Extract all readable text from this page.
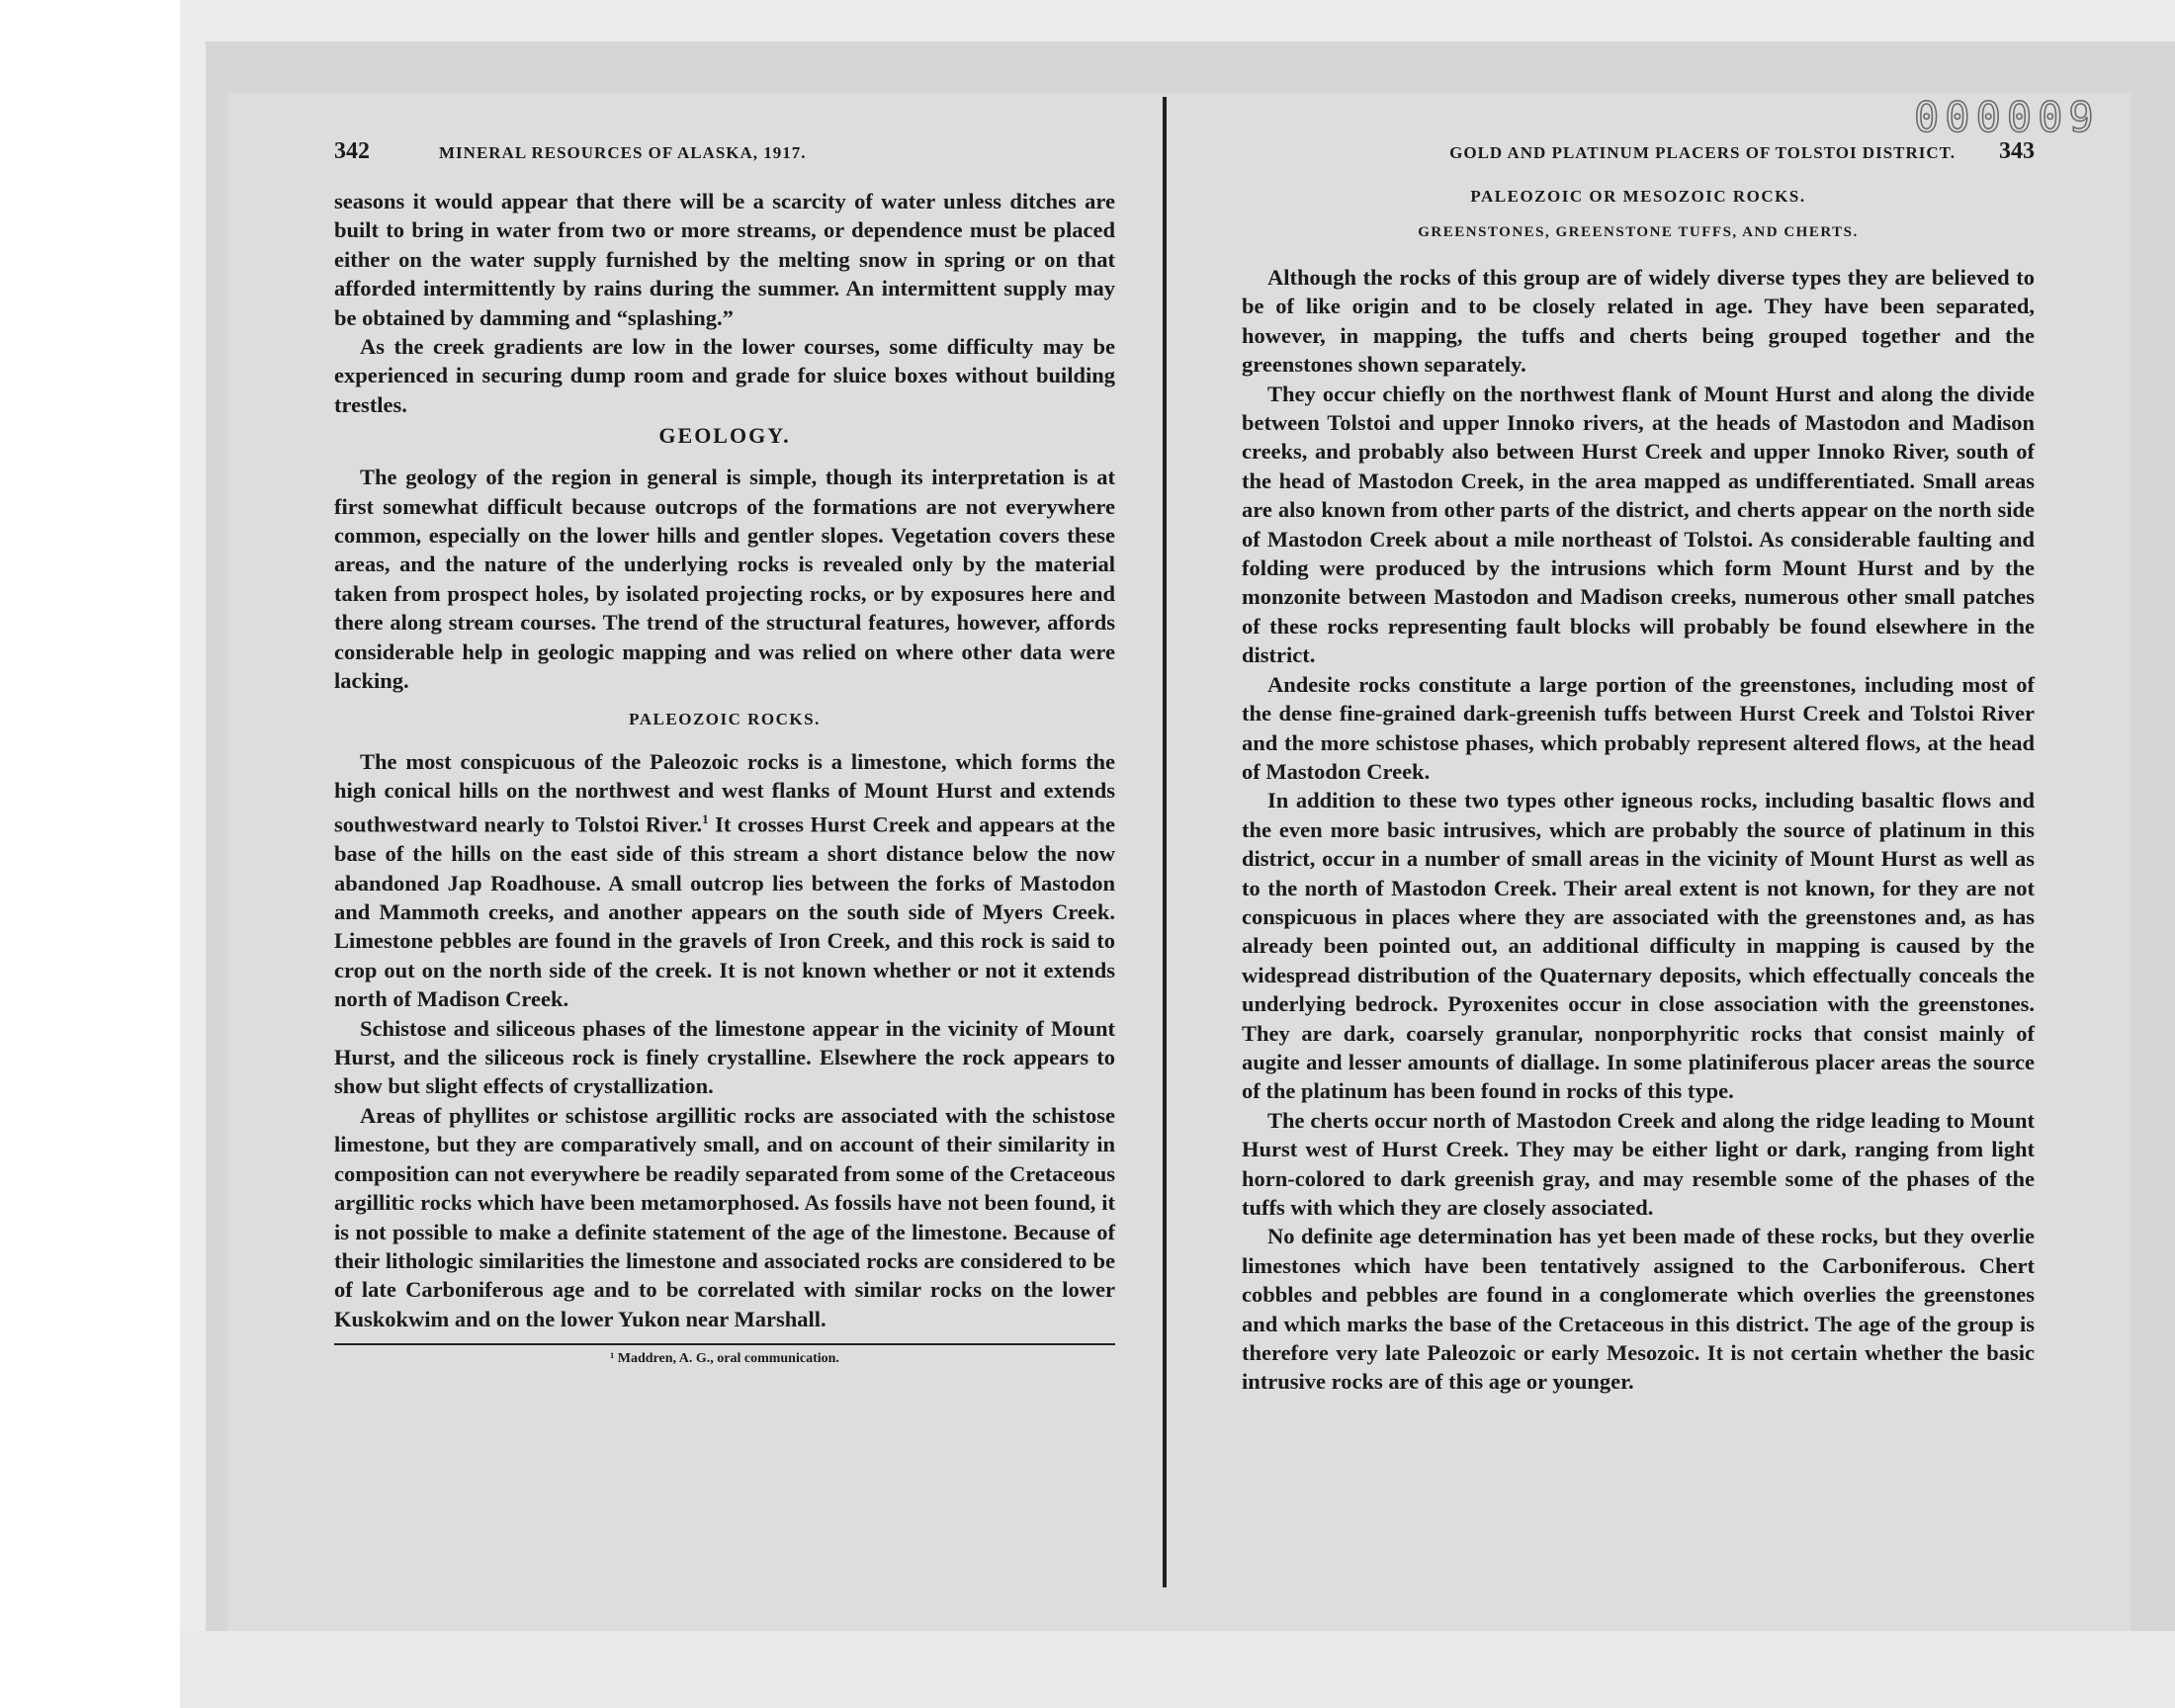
000009
342	MINERAL RESOURCES OF ALASKA, 1917.

seasons it would appear that there will be a scarcity of water unless ditches are built to bring in water from two or more streams, or dependence must be placed either on the water supply furnished by the melting snow in spring or on that afforded intermittently by rains during the summer. An intermittent supply may be obtained by damming and “splashing.”

As the creek gradients are low in the lower courses, some difficulty may be experienced in securing dump room and grade for sluice boxes without building trestles.

GEOLOGY.

The geology of the region in general is simple, though its interpretation is at first somewhat difficult because outcrops of the formations are not everywhere common, especially on the lower hills and gentler slopes. Vegetation covers these areas, and the nature of the underlying rocks is revealed only by the material taken from prospect holes, by isolated projecting rocks, or by exposures here and there along stream courses. The trend of the structural features, however, affords considerable help in geologic mapping and was relied on where other data were lacking.

PALEOZOIC ROCKS.

The most conspicuous of the Paleozoic rocks is a limestone, which forms the high conical hills on the northwest and west flanks of Mount Hurst and extends southwestward nearly to Tolstoi River.$^1$ It crosses Hurst Creek and appears at the base of the hills on the east side of this stream a short distance below the now abandoned Jap Roadhouse. A small outcrop lies between the forks of Mastodon and Mammoth creeks, and another appears on the south side of Myers Creek. Limestone pebbles are found in the gravels of Iron Creek, and this rock is said to crop out on the north side of the creek. It is not known whether or not it extends north of Madison Creek.

Schistose and siliceous phases of the limestone appear in the vicinity of Mount Hurst, and the siliceous rock is finely crystalline. Elsewhere the rock appears to show but slight effects of crystallization.

Areas of phyllites or schistose argillitic rocks are associated with the schistose limestone, but they are comparatively small, and on account of their similarity in composition can not everywhere be readily separated from some of the Cretaceous argillitic rocks which have been metamorphosed. As fossils have not been found, it is not possible to make a definite statement of the age of the limestone. Because of their lithologic similarities the limestone and associated rocks are considered to be of late Carboniferous age and to be correlated with similar rocks on the lower Kuskokwim and on the lower Yukon near Marshall.

¹ Maddren, A. G., oral communication.
GOLD AND PLATINUM PLACERS OF TOLSTOI DISTRICT.	343
PALEOZOIC OR MESOZOIC ROCKS.
GREENSTONES, GREENSTONE TUFFS, AND CHERTS.

Although the rocks of this group are of widely diverse types they are believed to be of like origin and to be closely related in age. They have been separated, however, in mapping, the tuffs and cherts being grouped together and the greenstones shown separately.

They occur chiefly on the northwest flank of Mount Hurst and along the divide between Tolstoi and upper Innoko rivers, at the heads of Mastodon and Madison creeks, and probably also between Hurst Creek and upper Innoko River, south of the head of Mastodon Creek, in the area mapped as undifferentiated. Small areas are also known from other parts of the district, and cherts appear on the north side of Mastodon Creek about a mile northeast of Tolstoi. As considerable faulting and folding were produced by the intrusions which form Mount Hurst and by the monzonite between Mastodon and Madison creeks, numerous other small patches of these rocks representing fault blocks will probably be found elsewhere in the district.

Andesite rocks constitute a large portion of the greenstones, including most of the dense fine-grained dark-greenish tuffs between Hurst Creek and Tolstoi River and the more schistose phases, which probably represent altered flows, at the head of Mastodon Creek.

In addition to these two types other igneous rocks, including basaltic flows and the even more basic intrusives, which are probably the source of platinum in this district, occur in a number of small areas in the vicinity of Mount Hurst as well as to the north of Mastodon Creek. Their areal extent is not known, for they are not conspicuous in places where they are associated with the greenstones and, as has already been pointed out, an additional difficulty in mapping is caused by the widespread distribution of the Quaternary deposits, which effectually conceals the underlying bedrock. Pyroxenites occur in close association with the greenstones. They are dark, coarsely granular, nonporphyritic rocks that consist mainly of augite and lesser amounts of diallage. In some platiniferous placer areas the source of the platinum has been found in rocks of this type.

The cherts occur north of Mastodon Creek and along the ridge leading to Mount Hurst west of Hurst Creek. They may be either light or dark, ranging from light horn-colored to dark greenish gray, and may resemble some of the phases of the tuffs with which they are closely associated.

No definite age determination has yet been made of these rocks, but they overlie limestones which have been tentatively assigned to the Carboniferous. Chert cobbles and pebbles are found in a conglomerate which overlies the greenstones and which marks the base of the Cretaceous in this district. The age of the group is therefore very late Paleozoic or early Mesozoic. It is not certain whether the basic intrusive rocks are of this age or younger.
